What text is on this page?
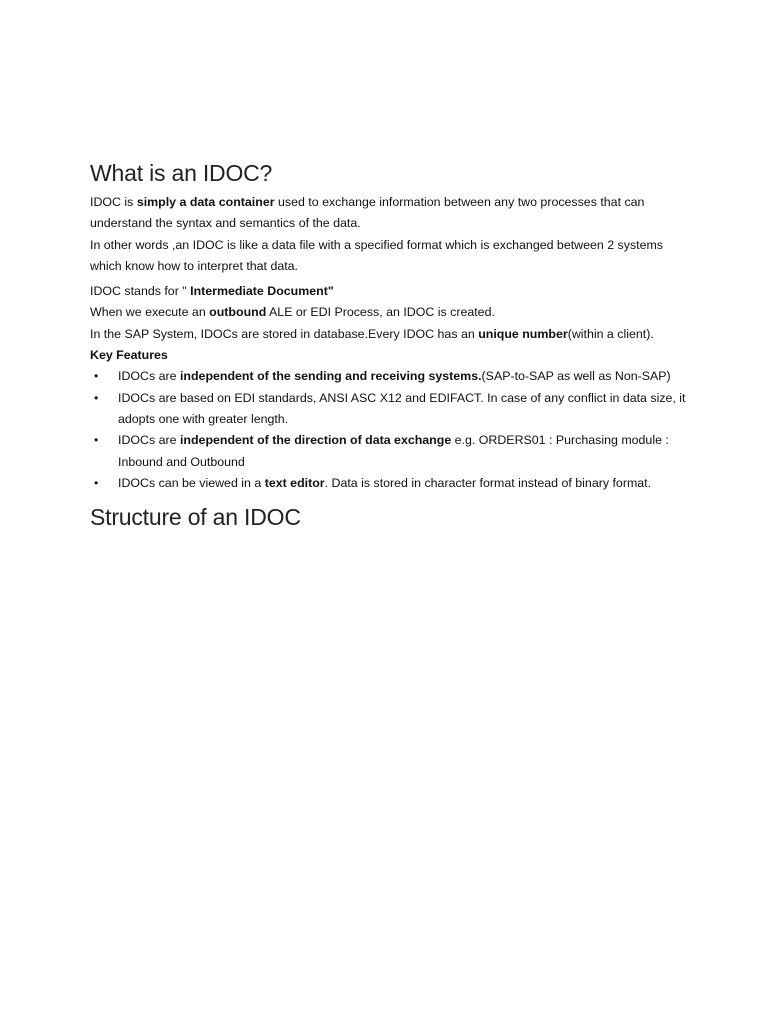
What is an IDOC?

IDOC is simply a data container used to exchange information between any two processes that can understand the syntax and semantics of the data.

In other words ,an IDOC is like a data file with a specified format which is exchanged between 2 systems which know how to interpret that data.

IDOC stands for " Intermediate Document"

When we execute an outbound ALE or EDI Process, an IDOC is created.

In the SAP System, IDOCs are stored in database.Every IDOC has an unique number(within a client).

Key Features

• IDOCs are independent of the sending and receiving systems.(SAP-to-SAP as well as Non-SAP)
• IDOCs are based on EDI standards, ANSI ASC X12 and EDIFACT. In case of any conflict in data size, it adopts one with greater length.
• IDOCs are independent of the direction of data exchange e.g. ORDERS01 : Purchasing module : Inbound and Outbound
• IDOCs can be viewed in a text editor. Data is stored in character format instead of binary format.
Structure of an IDOC
